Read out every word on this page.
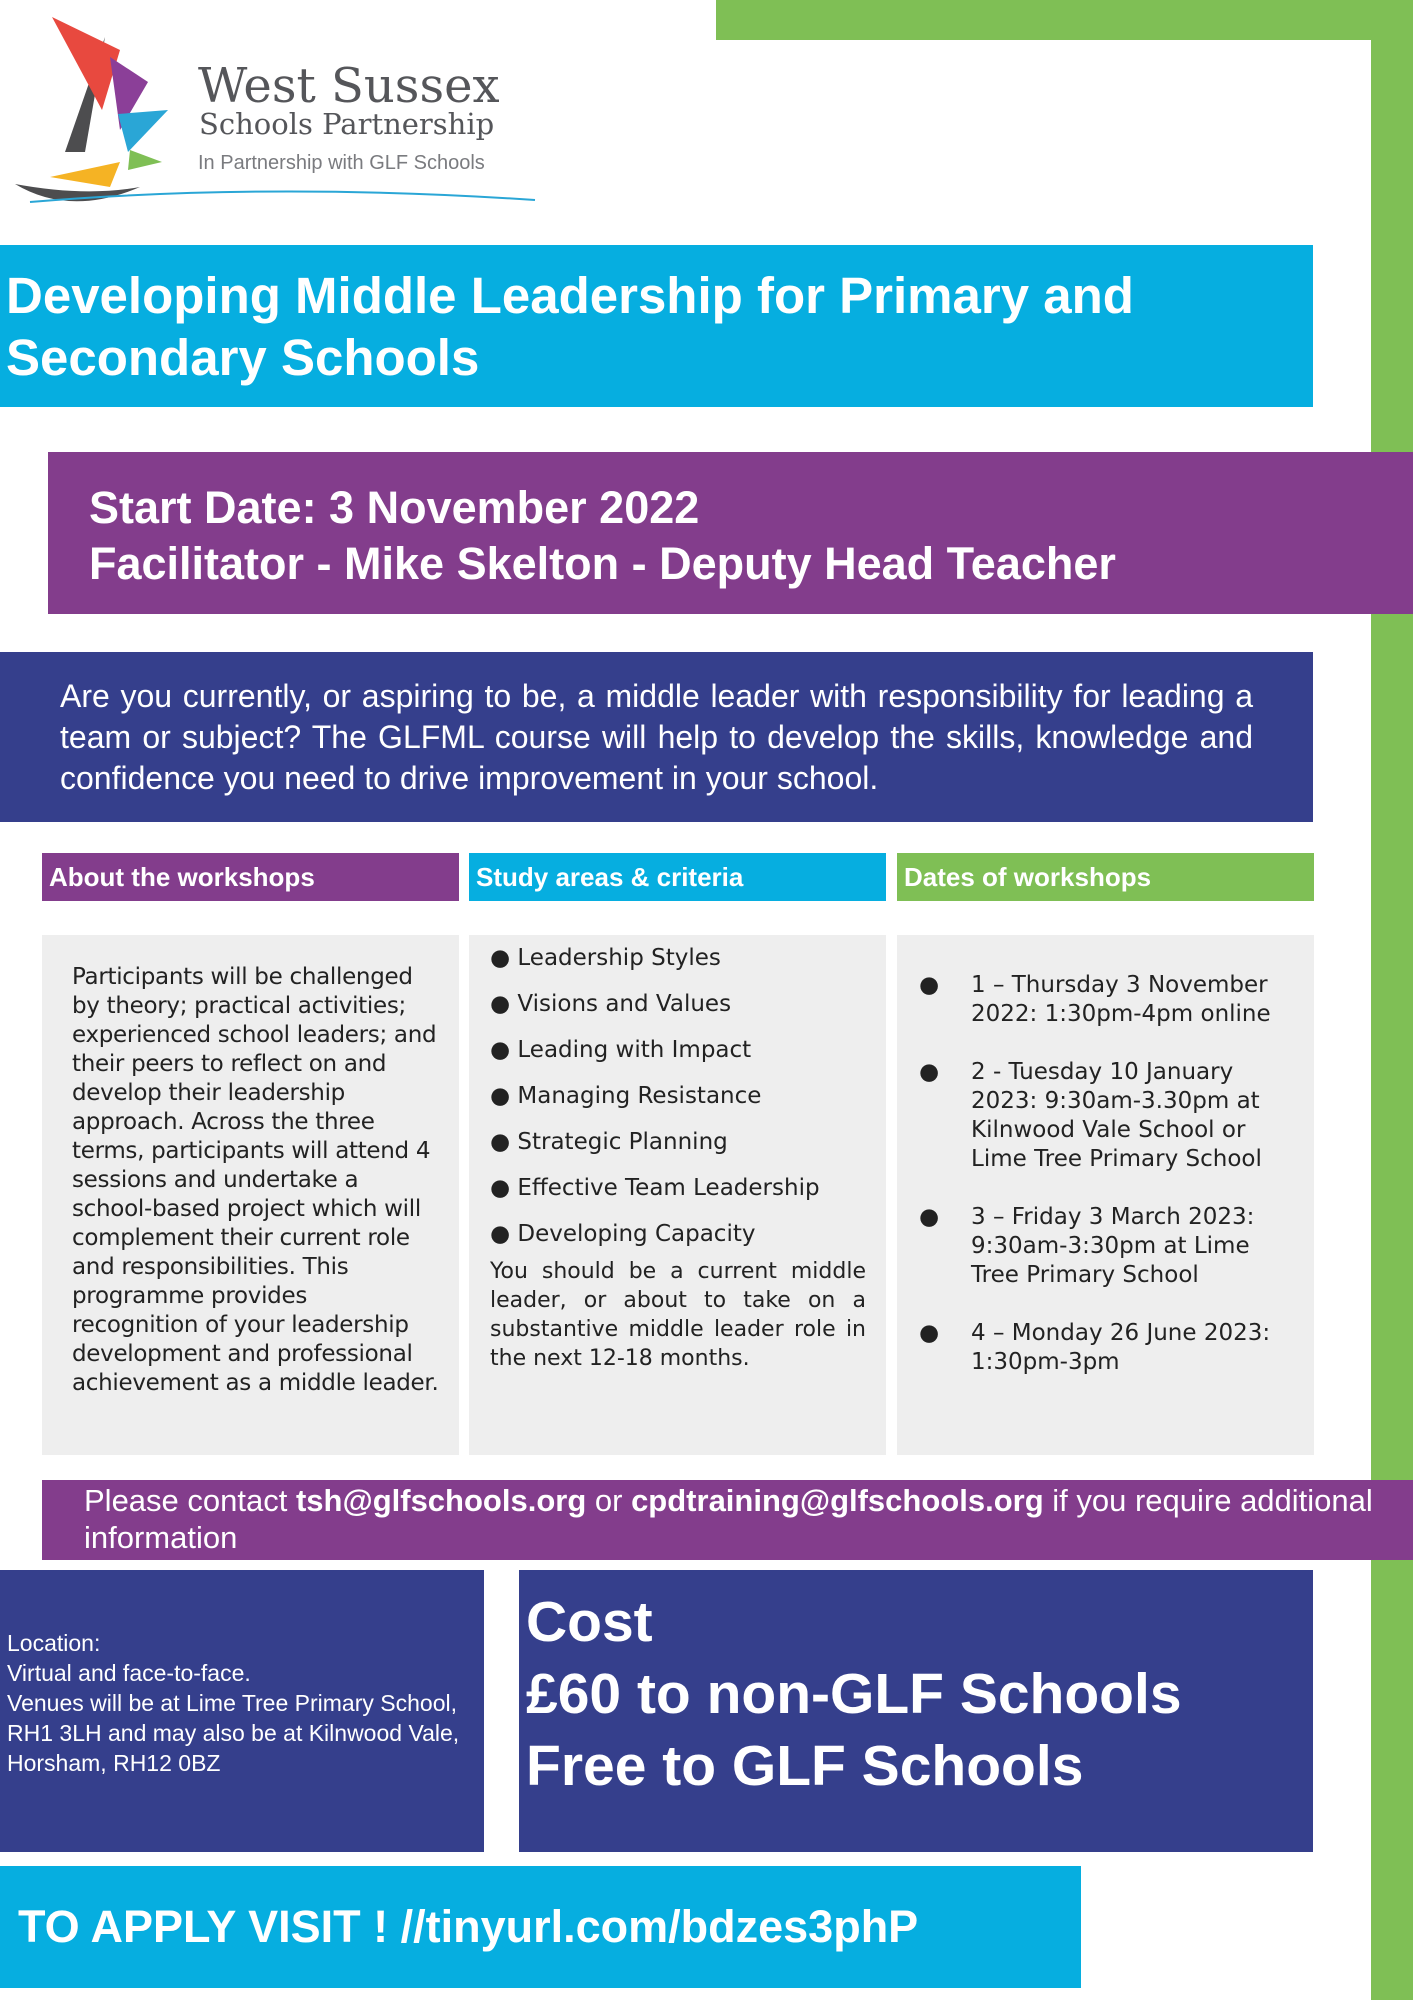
West Sussex
Schools Partnership
In Partnership with GLF Schools
Developing Middle Leadership for Primary and
Secondary Schools
Start Date: 3 November 2022
Facilitator - Mike Skelton - Deputy Head Teacher

Are you currently, or aspiring to be, a middle leader with responsibility for leading a team or subject? The GLFML course will help to develop the skills, knowledge and confidence you need to drive improvement in your school.

About the workshops	Study areas & criteria	Dates of workshops

Participants will be challenged by theory; practical activities; experienced school leaders; and their peers to reflect on and develop their leadership approach. Across the three terms, participants will attend 4 sessions and undertake a school-based project which will complement their current role and responsibilities. This programme provides recognition of your leadership development and professional achievement as a middle leader.

● Leadership Styles
● Visions and Values
● Leading with Impact
● Managing Resistance
● Strategic Planning
● Effective Team Leadership
● Developing Capacity

You should be a current middle leader, or about to take on a substantive middle leader role in the next 12-18 months.

● 1 – Thursday 3 November 2022: 1:30pm-4pm online
● 2 - Tuesday 10 January 2023: 9:30am-3.30pm at Kilnwood Vale School or Lime Tree Primary School
● 3 – Friday 3 March 2023: 9:30am-3:30pm at Lime Tree Primary School
● 4 – Monday 26 June 2023: 1:30pm-3pm

Please contact tsh@glfschools.org or cpdtraining@glfschools.org if you require additional information

Location:

Virtual and face-to-face.

Venues will be at Lime Tree Primary School, RH1 3LH and may also be at Kilnwood Vale, Horsham, RH12 0BZ

Cost
£60 to non-GLF Schools
Free to GLF Schools
TO APPLY VISIT ! //tinyurl.com/bdzes3phP
